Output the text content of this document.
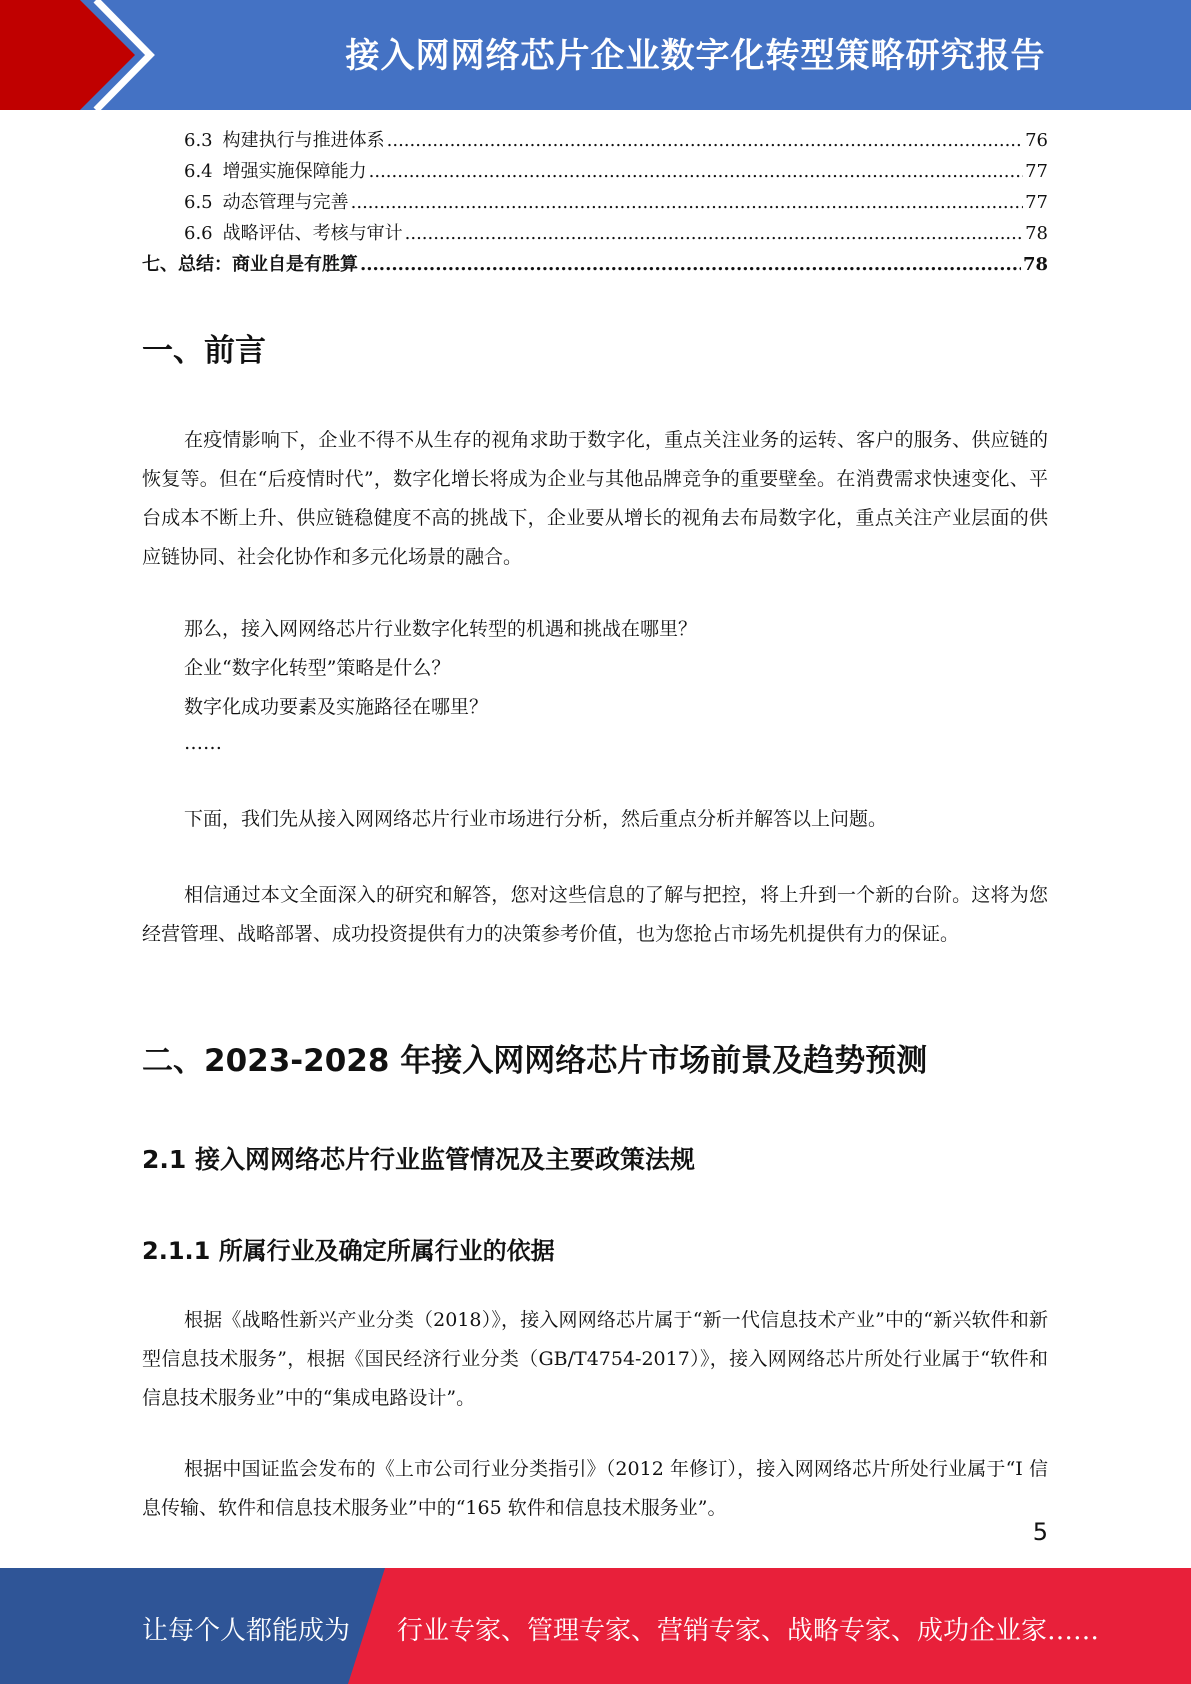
接入网网络芯片企业数字化转型策略研究报告
6.3 构建执行与推进体系 .....	76
6.4 增强实施保障能力 .....	77
6.5 动态管理与完善 .....	77
6.6 战略评估、考核与审计 .....	78
七、总结：商业自是有胜算 .....	78
一、前言

在疫情影响下，企业不得不从生存的视角求助于数字化，重点关注业务的运转、客户的服务、供应链的恢复等。但在“后疫情时代”，数字化增长将成为企业与其他品牌竞争的重要壁垒。在消费需求快速变化、平台成本不断上升、供应链稳健度不高的挑战下，企业要从增长的视角去布局数字化，重点关注产业层面的供应链协同、社会化协作和多元化场景的融合。

那么，接入网网络芯片行业数字化转型的机遇和挑战在哪里？

企业“数字化转型”策略是什么？

数字化成功要素及实施路径在哪里？

……

下面，我们先从接入网网络芯片行业市场进行分析，然后重点分析并解答以上问题。

相信通过本文全面深入的研究和解答，您对这些信息的了解与把控，将上升到一个新的台阶。这将为您经营管理、战略部署、成功投资提供有力的决策参考价值，也为您抢占市场先机提供有力的保证。

二、2023-2028 年接入网网络芯片市场前景及趋势预测
2.1 接入网网络芯片行业监管情况及主要政策法规
2.1.1 所属行业及确定所属行业的依据

根据《战略性新兴产业分类（2018）》，接入网网络芯片属于“新一代信息技术产业”中的“新兴软件和新型信息技术服务”，根据《国民经济行业分类（GB/T4754-2017）》，接入网网络芯片所处行业属于“软件和信息技术服务业”中的“集成电路设计”。

根据中国证监会发布的《上市公司行业分类指引》（2012 年修订），接入网网络芯片所处行业属于“I 信息传输、软件和信息技术服务业”中的“165 软件和信息技术服务业”。

5
让每个人都能成为 行业专家、管理专家、营销专家、战略专家、成功企业家……
